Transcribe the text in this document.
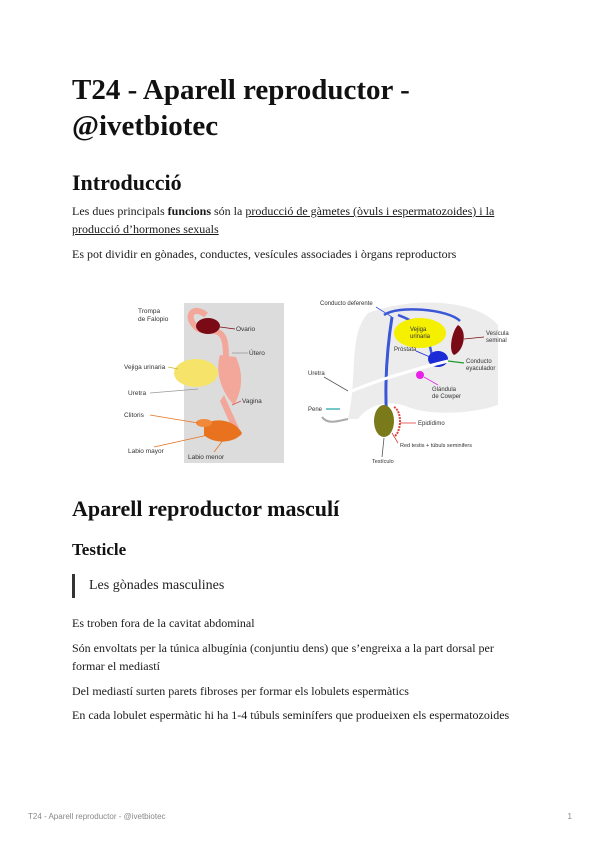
T24 - Aparell reproductor - @ivetbiotec
Introducció
Les dues principals funcions són la producció de gàmetes (òvuls i espermatozoides) i la producció d’hormones sexuals
Es pot dividir en gònades, conductes, vesícules associades i òrgans reproductors
Trompa
de Falopio
Ovario
Útero
Vejiga urinaria
Uretra
Clitoris
Vagina
Labio mayor
Labio menor
Conducto deferente
Vejiga
urinaria	Vesícula
seminal
Próstata
Conducto
eyaculador
Uretra
Glándula
de Cowper
Pene
Epidídimo
Red testis + túbuls seminifers
Testículo
Aparell reproductor masculí
Testicle
Les gònades masculines
Es troben fora de la cavitat abdominal
Són envoltats per la túnica albugínia (conjuntiu dens) que s’engreixa a la part dorsal per formar el mediastí
Del mediastí surten parets fibroses per formar els lobulets espermàtics
En cada lobulet espermàtic hi ha 1-4 túbuls seminífers que produeixen els espermatozoides
T24 - Aparell reproductor - @ivetbiotec	1
